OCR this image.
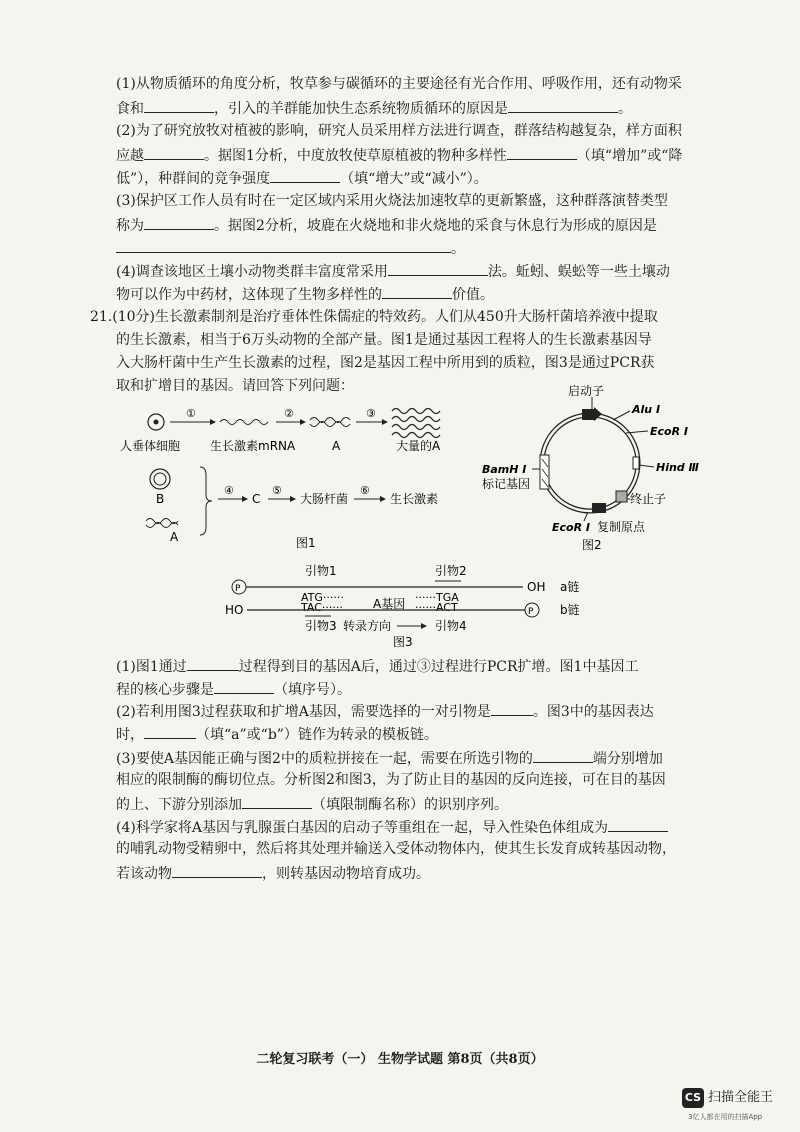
(1)从物质循环的角度分析，牧草参与碳循环的主要途径有光合作用、呼吸作用，还有动物采
食和	，引入的羊群能加快生态系统物质循环的原因是	。
(2)为了研究放牧对植被的影响，研究人员采用样方法进行调查，群落结构越复杂，样方面积
应越	。据图1分析，中度放牧使草原植被的物种多样性	（填“增加”或“降
低”），种群间的竞争强度	（填“增大”或“减小”）。
(3)保护区工作人员有时在一定区域内采用火烧法加速牧草的更新繁盛，这种群落演替类型
称为	。据图2分析，坡鹿在火烧地和非火烧地的采食与休息行为形成的原因是
。
(4)调查该地区土壤小动物类群丰富度常采用	法。蚯蚓、蜈蚣等一些土壤动
物可以作为中药材，这体现了生物多样性的	价值。
21.(10分)生长激素制剂是治疗垂体性侏儒症的特效药。人们从450升大肠杆菌培养液中提取
的生长激素，相当于6万头动物的全部产量。图1是通过基因工程将人的生长激素基因导
入大肠杆菌中生产生长激素的过程，图2是基因工程中所用到的质粒，图3是通过PCR获
取和扩增目的基因。请回答下列问题：
①	②	③
人垂体细胞 生长激素mRNA	A	大量的A
B
A
④
C
⑤
大肠杆菌
⑥
生长激素
图1
启动子
Alu Ⅰ
EcoR Ⅰ
Hind Ⅲ
BamH Ⅰ
标记基因
终止子
EcoR Ⅰ 复制原点
图2
引物1	引物2
P	OH a链
ATG······
TAC······	A基因 ······TGA
······ACT
HO	P b链
引物3 转录方向	引物4
图3
(1)图1通过	过程得到目的基因A后，通过③过程进行PCR扩增。图1中基因工
程的核心步骤是	（填序号）。
(2)若利用图3过程获取和扩增A基因，需要选择的一对引物是	。图3中的基因表达
时，	（填“a”或“b”）链作为转录的模板链。
(3)要使A基因能正确与图2中的质粒拼接在一起，需要在所选引物的	端分别增加
相应的限制酶的酶切位点。分析图2和图3，为了防止目的基因的反向连接，可在目的基因
的上、下游分别添加	（填限制酶名称）的识别序列。
(4)科学家将A基因与乳腺蛋白基因的启动子等重组在一起，导入性染色体组成为
的哺乳动物受精卵中，然后将其处理并输送入受体动物体内，使其生长发育成转基因动物，
若该动物	，则转基因动物培育成功。
二轮复习联考（一） 生物学试题 第8页（共8页）
CS 扫描全能王
3亿人都在用的扫描App
